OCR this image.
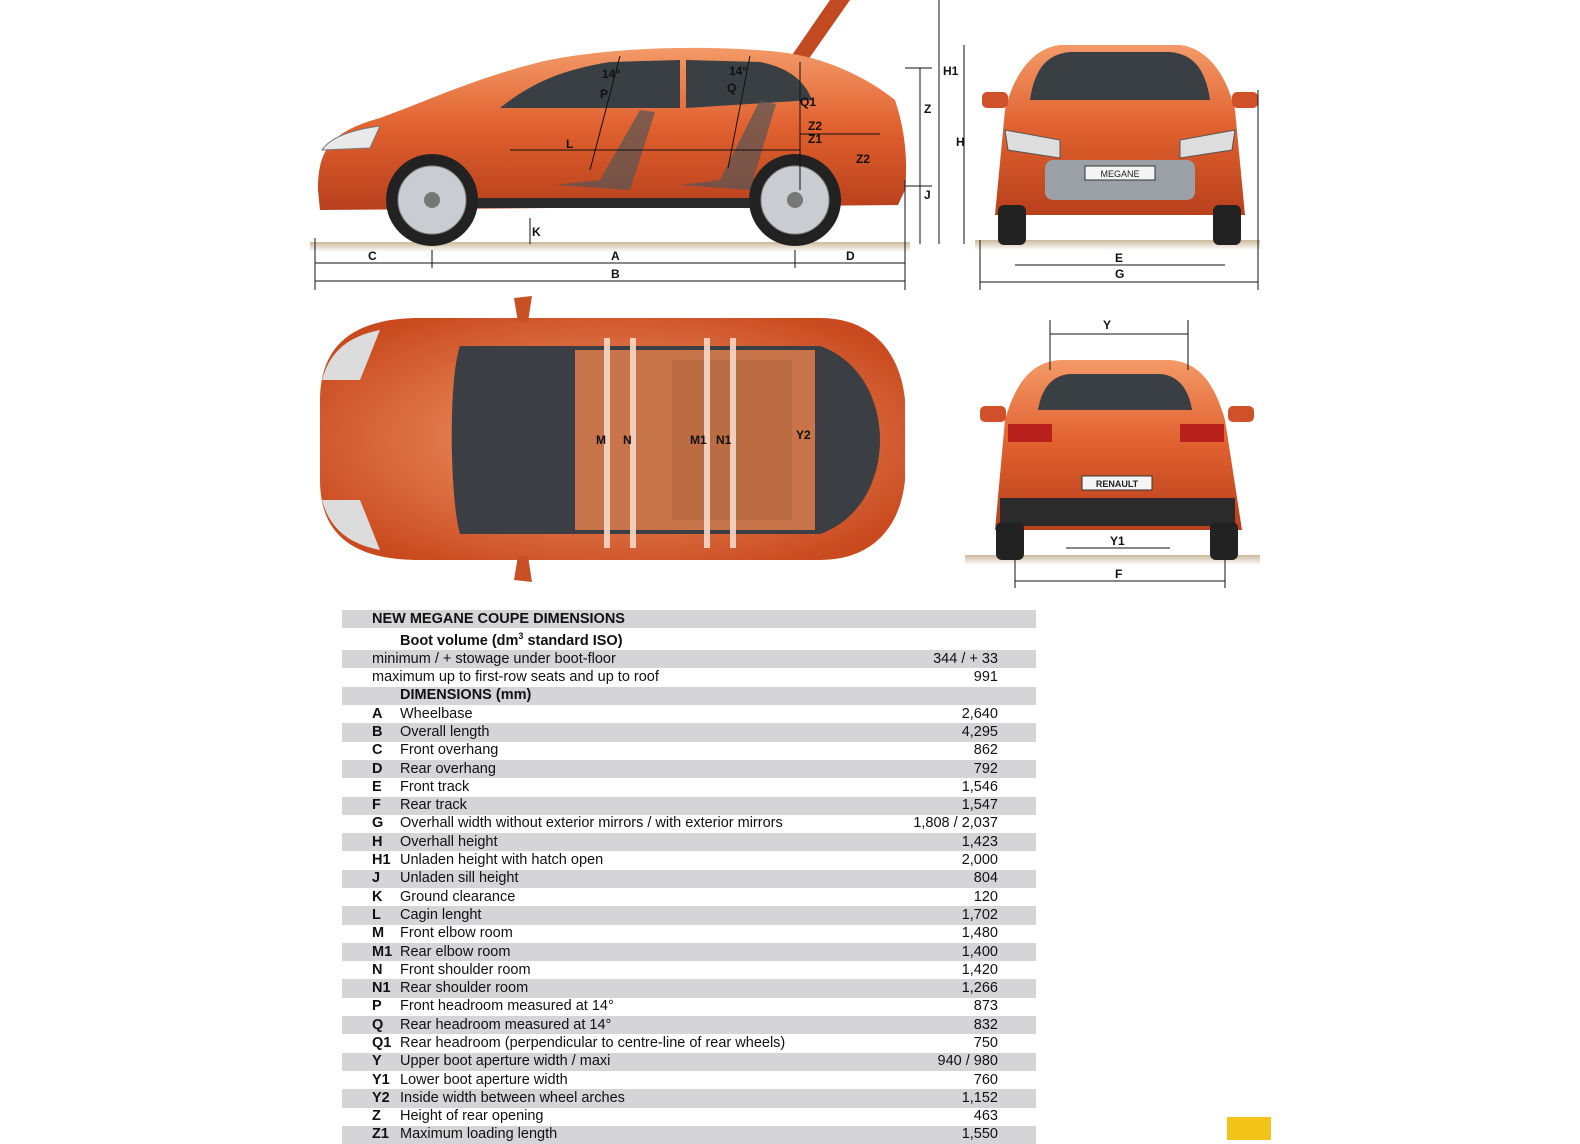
MEGANE
RENAULT
14°	14°
P	Q
Q1
Z2
Z1
Z2
Z
L
J
K
C	A	D
B
H1
H
E
G
M N	M1 N1	Y2
Y
Y1
F
NEW MEGANE COUPE DIMENSIONS		
Boot volume ($dm^3$ standard ISO)		
minimum / + stowage under boot-floor		344 / + 33
maximum up to first-row seats and up to roof		991
DIMENSIONS (mm)		
A	Wheelbase	2,640
B	Overall length	4,295
C	Front overhang	862
D	Rear overhang	792
E	Front track	1,546
F	Rear track	1,547
G	Overhall width without exterior mirrors / with exterior mirrors	1,808 / 2,037
H	Overhall height	1,423
H1	Unladen height with hatch open	2,000
J	Unladen sill height	804
K	Ground clearance	120
L	Cagin lenght	1,702
M	Front elbow room	1,480
M1	Rear elbow room	1,400
N	Front shoulder room	1,420
N1	Rear shoulder room	1,266
P	Front headroom measured at 14°	873
Q	Rear headroom measured at 14°	832
Q1	Rear headroom (perpendicular to centre-line of rear wheels)	750
Y	Upper boot aperture width / maxi	940 / 980
Y1	Lower boot aperture width	760
Y2	Inside width between wheel arches	1,152
Z	Height of rear opening	463
Z1	Maximum loading length	1,550
